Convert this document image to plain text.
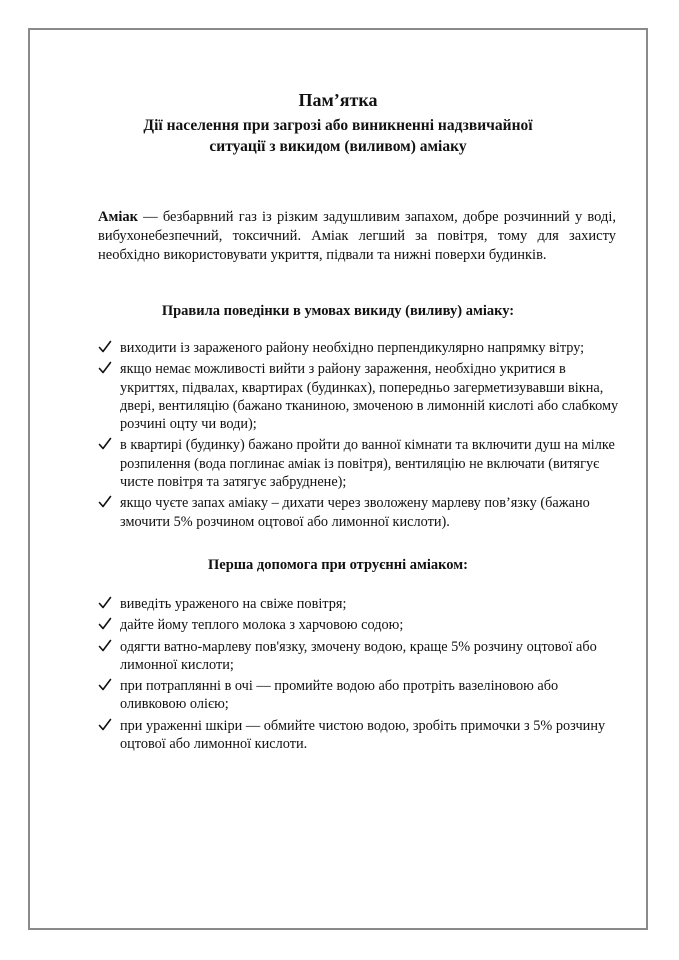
Пам’ятка
Дії населення при загрозі або виникненні надзвичайної
ситуації з викидом (виливом) аміаку

Аміак — безбарвний газ із різким задушливим запахом, добре розчинний у воді, вибухонебезпечний, токсичний. Аміак легший за повітря, тому для захисту необхідно використовувати укриття, підвали та нижні поверхи будинків.

Правила поведінки в умовах викиду (виливу) аміаку:
виходити із зараженого району необхідно перпендикулярно напрямку вітру;
якщо немає можливості вийти з району зараження, необхідно укритися в укриттях, підвалах, квартирах (будинках), попередньо загерметизувавши вікна, двері, вентиляцію (бажано тканиною, змоченою в лимонній кислоті або слабкому розчині оцту чи води);
в квартирі (будинку) бажано пройти до ванної кімнати та включити душ на мілке розпилення (вода поглинає аміак із повітря), вентиляцію не включати (витягує чисте повітря та затягує забруднене);
якщо чуєте запах аміаку – дихати через зволожену марлеву пов’язку (бажано змочити 5% розчином оцтової або лимонної кислоти).
Перша допомога при отруєнні аміаком:
виведіть ураженого на свіже повітря;
дайте йому теплого молока з харчовою содою;
одягти ватно-марлеву пов'язку, змочену водою, краще 5% розчину оцтової або лимонної кислоти;
при потраплянні в очі — промийте водою або протріть вазеліновою або оливковою олією;
при ураженні шкіри — обмийте чистою водою, зробіть примочки з 5% розчину оцтової або лимонної кислоти.
